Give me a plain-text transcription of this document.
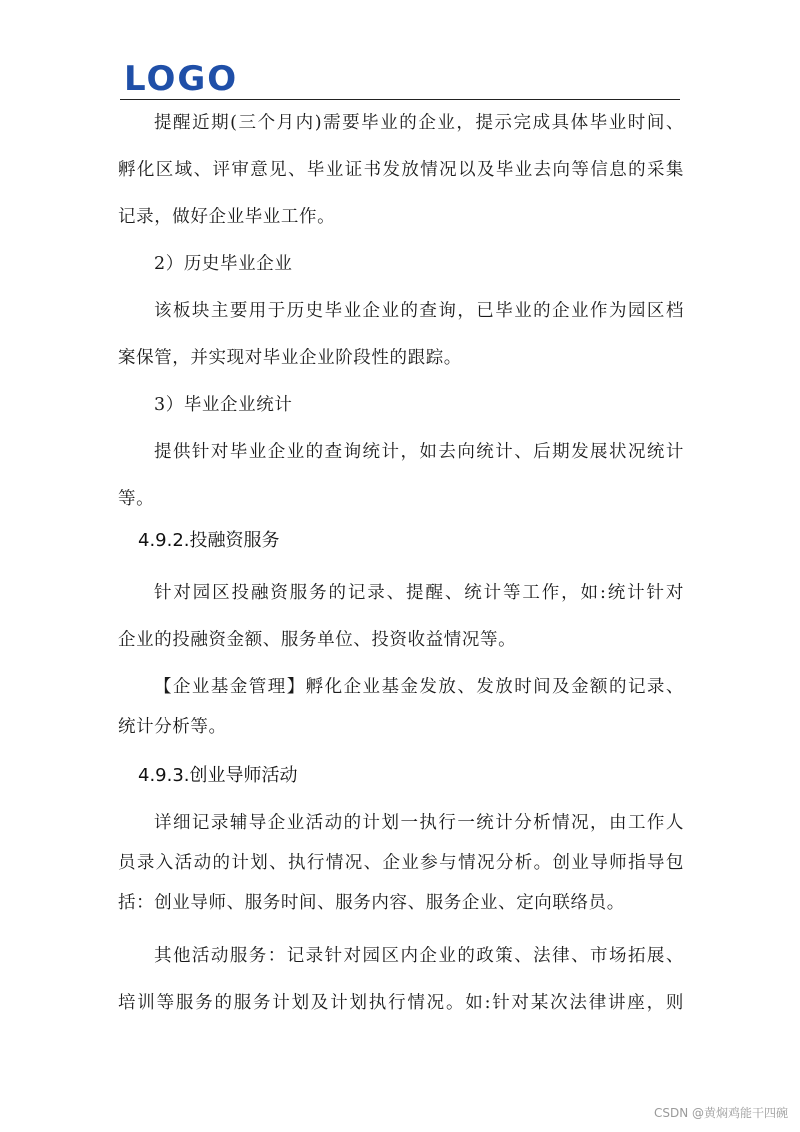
LOGO
提醒近期(三个月内)需要毕业的企业，提示完成具体毕业时间、
孵化区域、评审意见、毕业证书发放情况以及毕业去向等信息的采集
记录，做好企业毕业工作。
2）历史毕业企业
该板块主要用于历史毕业企业的查询，已毕业的企业作为园区档
案保管，并实现对毕业企业阶段性的跟踪。
3）毕业企业统计
提供针对毕业企业的查询统计，如去向统计、后期发展状况统计
等。
4.9.2.投融资服务
针对园区投融资服务的记录、提醒、统计等工作，如:统计针对
企业的投融资金额、服务单位、投资收益情况等。
【企业基金管理】孵化企业基金发放、发放时间及金额的记录、
统计分析等。
4.9.3.创业导师活动
详细记录辅导企业活动的计划一执行一统计分析情况，由工作人
员录入活动的计划、执行情况、企业参与情况分析。创业导师指导包
括：创业导师、服务时间、服务内容、服务企业、定向联络员。
其他活动服务：记录针对园区内企业的政策、法律、市场拓展、
培训等服务的服务计划及计划执行情况。如:针对某次法律讲座，则
CSDN @黄焖鸡能干四碗
